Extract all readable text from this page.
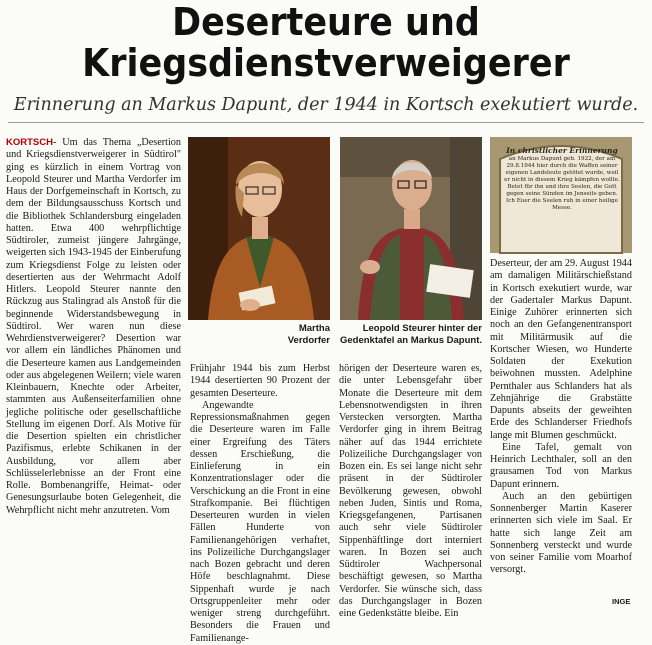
Deserteure und
Kriegsdienstverweigerer
Erinnerung an Markus Dapunt, der 1944 in Kortsch exekutiert wurde.

KORTSCH- Um das Thema „Desertion und Kriegsdienstverweigerer in Südtirol" ging es kürzlich in einem Vortrag von Leopold Steurer und Martha Verdorfer im Haus der Dorfgemeinschaft in Kortsch, zu dem der Bildungsausschuss Kortsch und die Bibliothek Schlandersburg eingeladen hatten. Etwa 400 wehrpflichtige Südtiroler, zumeist jüngere Jahrgänge, weigerten sich 1943-1945 der Einberufung zum Kriegsdienst Folge zu leisten oder desertierten aus der Wehrmacht Adolf Hitlers. Leopold Steurer nannte den Rückzug aus Stalingrad als Anstoß für die beginnende Widerstandsbewegung in Südtirol. Wer waren nun diese Wehrdienstverweigerer? Desertion war vor allem ein ländliches Phänomen und die Deserteure kamen aus Landgemeinden oder aus abgelegenen Weilern; viele waren Kleinbauern, Knechte oder Arbeiter, stammten aus Außenseiterfamilien ohne jegliche politische oder gesellschaftliche Stellung im eigenen Dorf. Als Motive für die Desertion spielten ein christlicher Pazifismus, erlebte Schikanen in der Ausbildung, vor allem aber Schlüsselerlebnisse an der Front eine Rolle. Bombenangriffe, Heimat- oder Genesungsurlaube boten Gelegenheit, die Wehrpflicht nicht mehr anzutreten. Vom

Martha
Verdorfer
Leopold Steurer hinter der
Gedenktafel an Markus Dapunt.
In christlicher Erinnerung
an Markus Dapunt geb. 1922, der am 29.8.1944 hier durch die Waffen seiner eigenen Landsleute getötet wurde, weil er nicht in diesem Krieg kämpfen wollte. Betet für ihn und ihre Seelen, die Gott gegen seine Sünden im Jenseits geben. Ich Euer die Seelen ruh in einer heilige Messe.

Frühjahr 1944 bis zum Herbst 1944 desertierten 90 Prozent der gesamten Deserteure.

Angewandte Repressionsmaßnahmen gegen die Deserteure waren im Falle einer Ergreifung des Täters dessen Erschießung, die Einlieferung in ein Konzentrationslager oder die Verschickung an die Front in eine Strafkompanie. Bei flüchtigen Deserteuren wurden in vielen Fällen Hunderte von Familienangehörigen verhaftet, ins Polizeiliche Durchgangslager nach Bozen gebracht und deren Höfe beschlagnahmt. Diese Sippenhaft wurde je nach Ortsgruppenleiter mehr oder weniger streng durchgeführt. Besonders die Frauen und Familienange-

hörigen der Deserteure waren es, die unter Lebensgefahr über Monate die Deserteure mit dem Lebensnotwendigsten in ihren Verstecken versorgten. Martha Verdorfer ging in ihrem Beitrag näher auf das 1944 errichtete Polizeiliche Durchgangslager von Bozen ein. Es sei lange nicht sehr präsent in der Südtiroler Bevölkerung gewesen, obwohl neben Juden, Sintis und Roma, Kriegsgefangenen, Partisanen auch sehr viele Südtiroler Sippenhäftlinge dort interniert waren. In Bozen sei auch Südtiroler Wachpersonal beschäftigt gewesen, so Martha Verdorfer. Sie wünsche sich, dass das Durchgangslager in Bozen eine Gedenkstätte bleibe. Ein

Deserteur, der am 29. August 1944 am damaligen Militärschießstand in Kortsch exekutiert wurde, war der Gadertaler Markus Dapunt. Einige Zuhörer erinnerten sich noch an den Gefangenentransport mit Militärmusik auf die Kortscher Wiesen, wo Hunderte Soldaten der Exekution beiwohnen mussten. Adelphine Pernthaler aus Schlanders hat als Zehnjährige die Grabstätte Dapunts abseits der geweihten Erde des Schlanderser Friedhofs lange mit Blumen geschmückt.

Eine Tafel, gemalt von Heinrich Lechthaler, soll an den grausamen Tod von Markus Dapunt erinnern.

Auch an den gebürtigen Sonnenberger Martin Kaserer erinnerten sich viele im Saal. Er hatte sich lange Zeit am Sonnenberg versteckt und wurde von seiner Familie vom Moarhof versorgt.

INGE
